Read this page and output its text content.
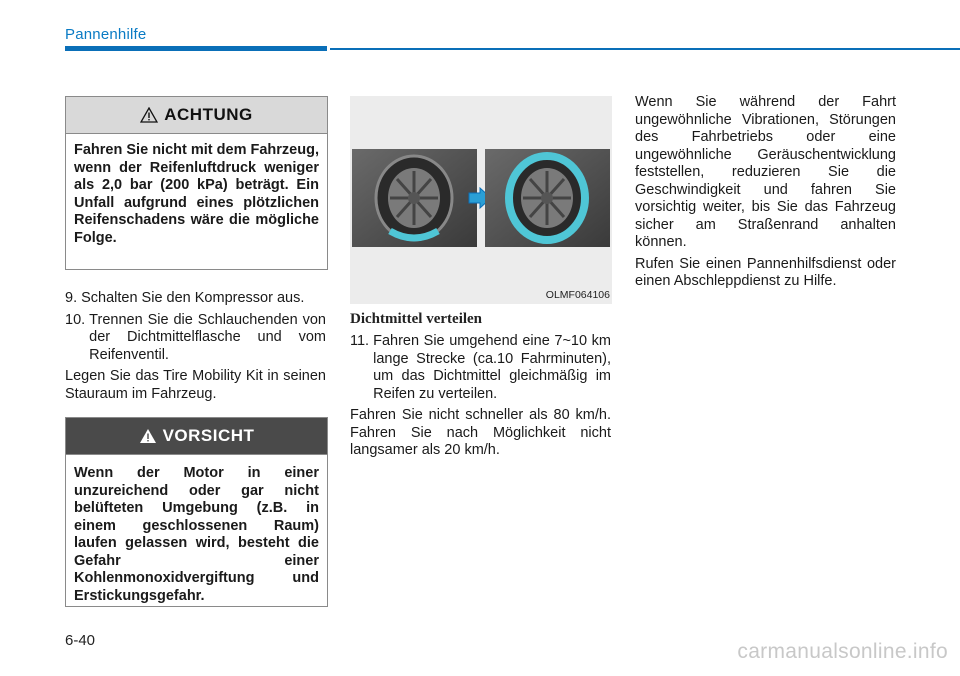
Pannenhilfe
ACHTUNG
Fahren Sie nicht mit dem Fahrzeug, wenn der Reifenluftdruck weniger als 2,0 bar (200 kPa) beträgt. Ein Unfall aufgrund eines plötzlichen Reifenschadens wäre die mögliche Folge.
9. Schalten Sie den Kompressor aus.
10. Trennen Sie die Schlauchenden von der Dichtmittelflasche und vom Reifenventil.

Legen Sie das Tire Mobility Kit in seinen Stauraum im Fahrzeug.

VORSICHT
Wenn der Motor in einer unzureichend oder gar nicht belüfteten Umgebung (z.B. in einem geschlossenen Raum) laufen gelassen wird, besteht die Gefahr einer Kohlenmonoxidvergiftung und Erstickungsgefahr.
OLMF064106
Dichtmittel verteilen
11. Fahren Sie umgehend eine 7~10 km lange Strecke (ca.10 Fahrminuten), um das Dichtmittel gleichmäßig im Reifen zu verteilen.

Fahren Sie nicht schneller als 80 km/h. Fahren Sie nach Möglichkeit nicht langsamer als 20 km/h.

Wenn Sie während der Fahrt ungewöhnliche Vibrationen, Störungen des Fahrbetriebs oder eine ungewöhnliche Geräuschentwicklung feststellen, reduzieren Sie die Geschwindigkeit und fahren Sie vorsichtig weiter, bis Sie das Fahrzeug sicher am Straßenrand anhalten können.

Rufen Sie einen Pannenhilfsdienst oder einen Abschleppdienst zu Hilfe.

6-40	carmanualsonline.info
